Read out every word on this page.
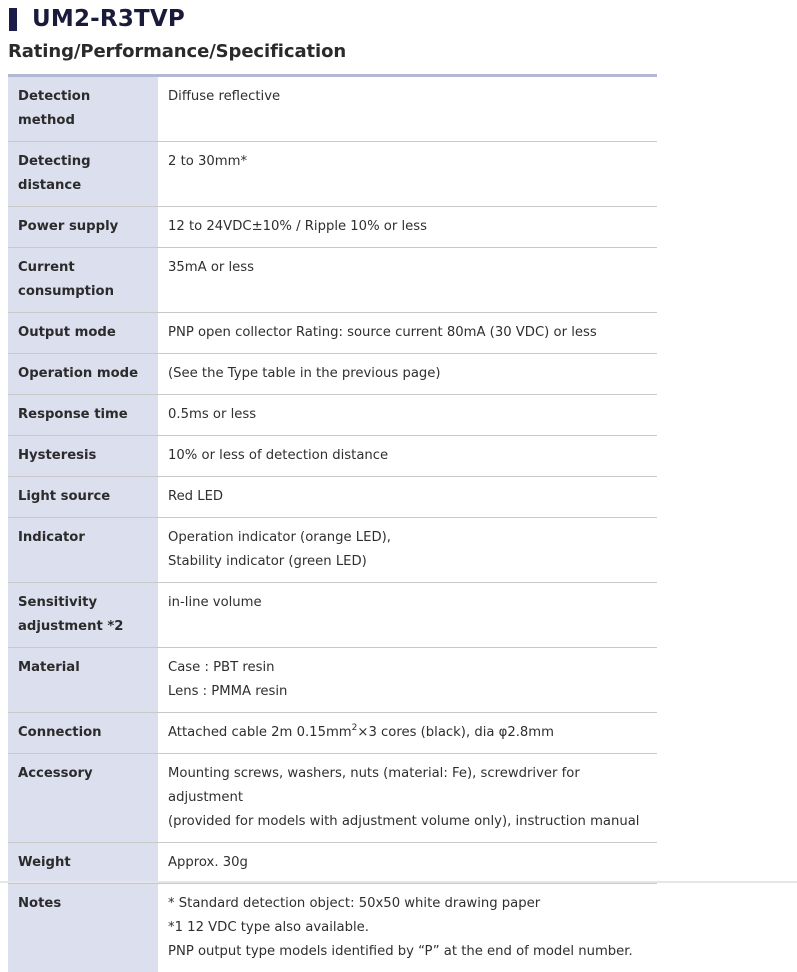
UM2-R3TVP
Rating/Performance/Specification
Detection method	Diffuse reflective

Detecting distance	2 to 30mm*

Power supply	12 to 24VDC±10% / Ripple 10% or less

Current consumption	35mA or less

Output mode	PNP open collector Rating: source current 80mA (30 VDC) or less

Operation mode	(See the Type table in the previous page)

Response time	0.5ms or less

Hysteresis	10% or less of detection distance

Light source	Red LED

Indicator	Operation indicator (orange LED),
Stability indicator (green LED)

Sensitivity adjustment *2	in-line volume

Material	Case : PBT resin
Lens : PMMA resin

Connection	Attached cable 2m $0.15mm^2\times 3$ cores (black), dia φ2.8mm
Accessory	Mounting screws, washers, nuts (material: Fe), screwdriver for adjustment
(provided for models with adjustment volume only), instruction manual

Weight	Approx. 30g

Notes	* Standard detection object: 50x50 white drawing paper
*1 12 VDC type also available.
PNP output type models identified by “P” at the end of model number.
